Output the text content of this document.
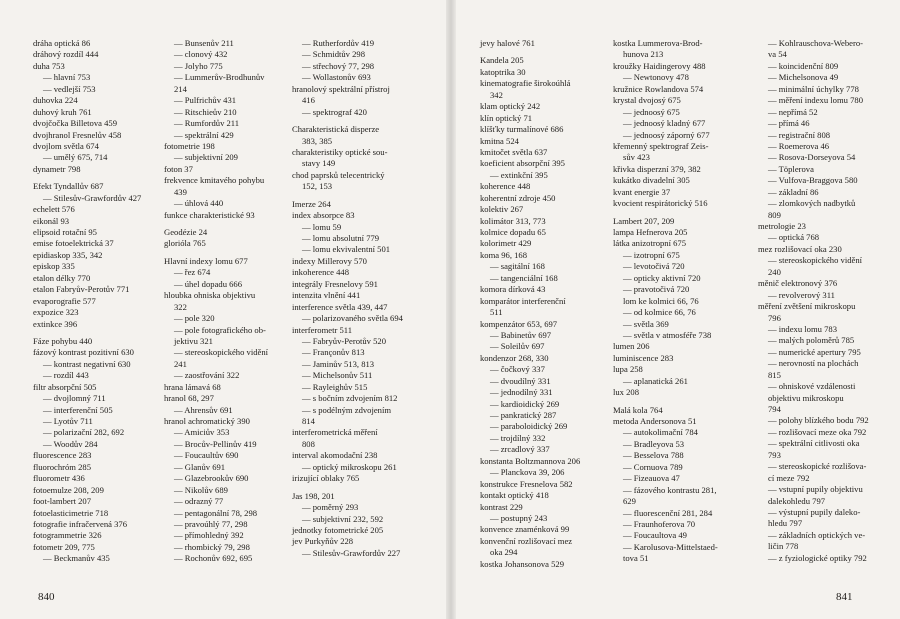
dráha optická 86
dráhový rozdíl 444
duha 753
— hlavní 753
— vedlejší 753
duhovka 224
duhový kruh 761
dvojčočka Billetova 459
dvojhranol Fresnelův 458
dvojlom světla 674
— umělý 675, 714
dynametr 798
Efekt Tyndallův 687
— Stilesův-Grawfordův 427
echelett 576
eikonál 93
elipsoid rotační 95
emise fotoelektrická 37
epidiaskop 335, 342
episkop 335
etalon délky 770
etalon Fabryův-Perotův 771
evaporografie 577
expozice 323
extinkce 396
Fáze pohybu 440
fázový kontrast pozitivní 630
— kontrast negativní 630
— rozdíl 443
filtr absorpční 505
— dvojlomný 711
— interferenční 505
— Lyotův 711
— polarizační 282, 692
— Woodův 284
fluorescence 283
fluorochróm 285
fluorometr 436
fotoemulze 208, 209
foot-lambert 207
fotoelasticimetrie 718
fotografie infračervená 376
fotogrammetrie 326
fotometr 209, 775
— Beckmanův 435
— Bunsenův 211
— clonový 432
— Jolyho 775
— Lummerův-Brodhunův
214
— Pulfrichův 431
— Ritschieův 210
— Rumfordův 211
— spektrální 429
fotometrie 198
— subjektivní 209
foton 37
frekvence kmitavého pohybu
439
— úhlová 440
funkce charakteristické 93
Geodézie 24
glorióla 765
Hlavní indexy lomu 677
— řez 674
— úhel dopadu 666
hloubka ohniska objektivu
322
— pole 320
— pole fotografického ob-
jektivu 321
— stereoskopického vidění
241
— zaostřování 322
hrana lámavá 68
hranol 68, 297
— Ahrensův 691
hranol achromatický 390
— Amiciův 353
— Brocův-Pellinův 419
— Foucaultův 690
— Glanův 691
— Glazebrookův 690
— Nikolův 689
— odrazný 77
— pentagonální 78, 298
— pravoúhlý 77, 298
— přímohledný 392
— rhombický 79, 298
— Rochonův 692, 695
— Rutherfordův 419
— Schmidtův 298
— střechový 77, 298
— Wollastonův 693
hranolový spektrální přístroj
416
— spektrograf 420
Charakteristická disperze
383, 385
charakteristiky optické sou-
stavy 149
chod paprsků telecentrický
152, 153
Imerze 264
index absorpce 83
— lomu 59
— lomu absolutní 779
— lomu ekvivalentní 501
indexy Millerovy 570
inkoherence 448
integrály Fresnelovy 591
intenzita vlnění 441
interference světla 439, 447
— polarizovaného světla 694
interferometr 511
— Fabryův-Perotův 520
— Françonův 813
— Jaminův 513, 813
— Michelsonův 511
— Rayleighův 515
— s bočním zdvojením 812
— s podélným zdvojením
814
interferometrická měření
808
interval akomodační 238
— optický mikroskopu 261
irizující oblaky 765
Jas 198, 201
— poměrný 293
— subjektivní 232, 592
jednotky fotometrické 205
jev Purkyňův 228
— Stilesův-Grawfordův 227
jevy halové 761
Kandela 205
katoptrika 30
kinematografie širokoúhlá
342
klam optický 242
klín optický 71
klíšťky turmalínové 686
kmitna 524
kmitočet světla 637
koeficient absorpční 395
— extinkční 395
koherence 448
koherentní zdroje 450
kolektiv 267
kolimátor 313, 773
kolmice dopadu 65
kolorimetr 429
koma 96, 168
— sagitální 168
— tangenciální 168
komora dírková 43
komparátor interferenční
511
kompenzátor 653, 697
— Babinetův 697
— Soleilův 697
kondenzor 268, 330
— čočkový 337
— dvoudílný 331
— jednodílný 331
— kardioidický 269
— pankratický 287
— paraboloidický 269
— trojdílný 332
— zrcadlový 337
konstanta Boltzmannova 206
— Planckova 39, 206
konstrukce Fresnelova 582
kontakt optický 418
kontrast 229
— postupný 243
konvence znaménková 99
konvenční rozlišovací mez
oka 294
kostka Johansonova 529
kostka Lummerova-Brod-
hunova 213
kroužky Haidingerovy 488
— Newtonovy 478
kružnice Rowlandova 574
krystal dvojosý 675
— jednoosý 675
— jednoosý kladný 677
— jednoosý záporný 677
křemenný spektrograf Zeis-
sův 423
křivka disperzní 379, 382
kukátko divadelní 305
kvant energie 37
kvocient respirátorický 516
Lambert 207, 209
lampa Hefnerova 205
látka anizotropní 675
— izotropní 675
— levotočivá 720
— opticky aktivní 720
— pravotočivá 720
lom ke kolmici 66, 76
— od kolmice 66, 76
— světla 369
— světla v atmosféře 738
lumen 206
luminiscence 283
lupa 258
— aplanatická 261
lux 208
Malá kola 764
metoda Andersonova 51
— autokolimační 784
— Bradleyova 53
— Besselova 788
— Cornuova 789
— Fizeauova 47
— fázového kontrastu 281,
629
— fluorescenční 281, 284
— Fraunhoferova 70
— Foucaultova 49
— Karolusova-Mittelstaed-
tova 51
— Kohlrauschova-Webero-
va 54
— koincidenční 809
— Michelsonova 49
— minimální úchylky 778
— měření indexu lomu 780
— nepřímá 52
— přímá 46
— registrační 808
— Roemerova 46
— Rosova-Dorseyova 54
— Töplerova
— Vulfova-Braggova 580
— základní 86
— zlomkových nadbytků
809
metrologie 23
— optická 768
mez rozlišovací oka 230
— stereoskopického vidění
240
měnič elektronový 376
— revolverový 311
měření zvětšení mikroskopu
796
— indexu lomu 783
— malých poloměrů 785
— numerické apertury 795
— nerovností na plochách
815
— ohniskové vzdálenosti
objektivu mikroskopu
794
— polohy blízkého bodu 792
— rozlišovací meze oka 792
— spektrální citlivosti oka
793
— stereoskopické rozlišova-
cí meze 792
— vstupní pupily objektivu
dalekohledu 797
— výstupní pupily daleko-
hledu 797
— základních optických ve-
ličin 778
— z fyziologické optiky 792
840	841
